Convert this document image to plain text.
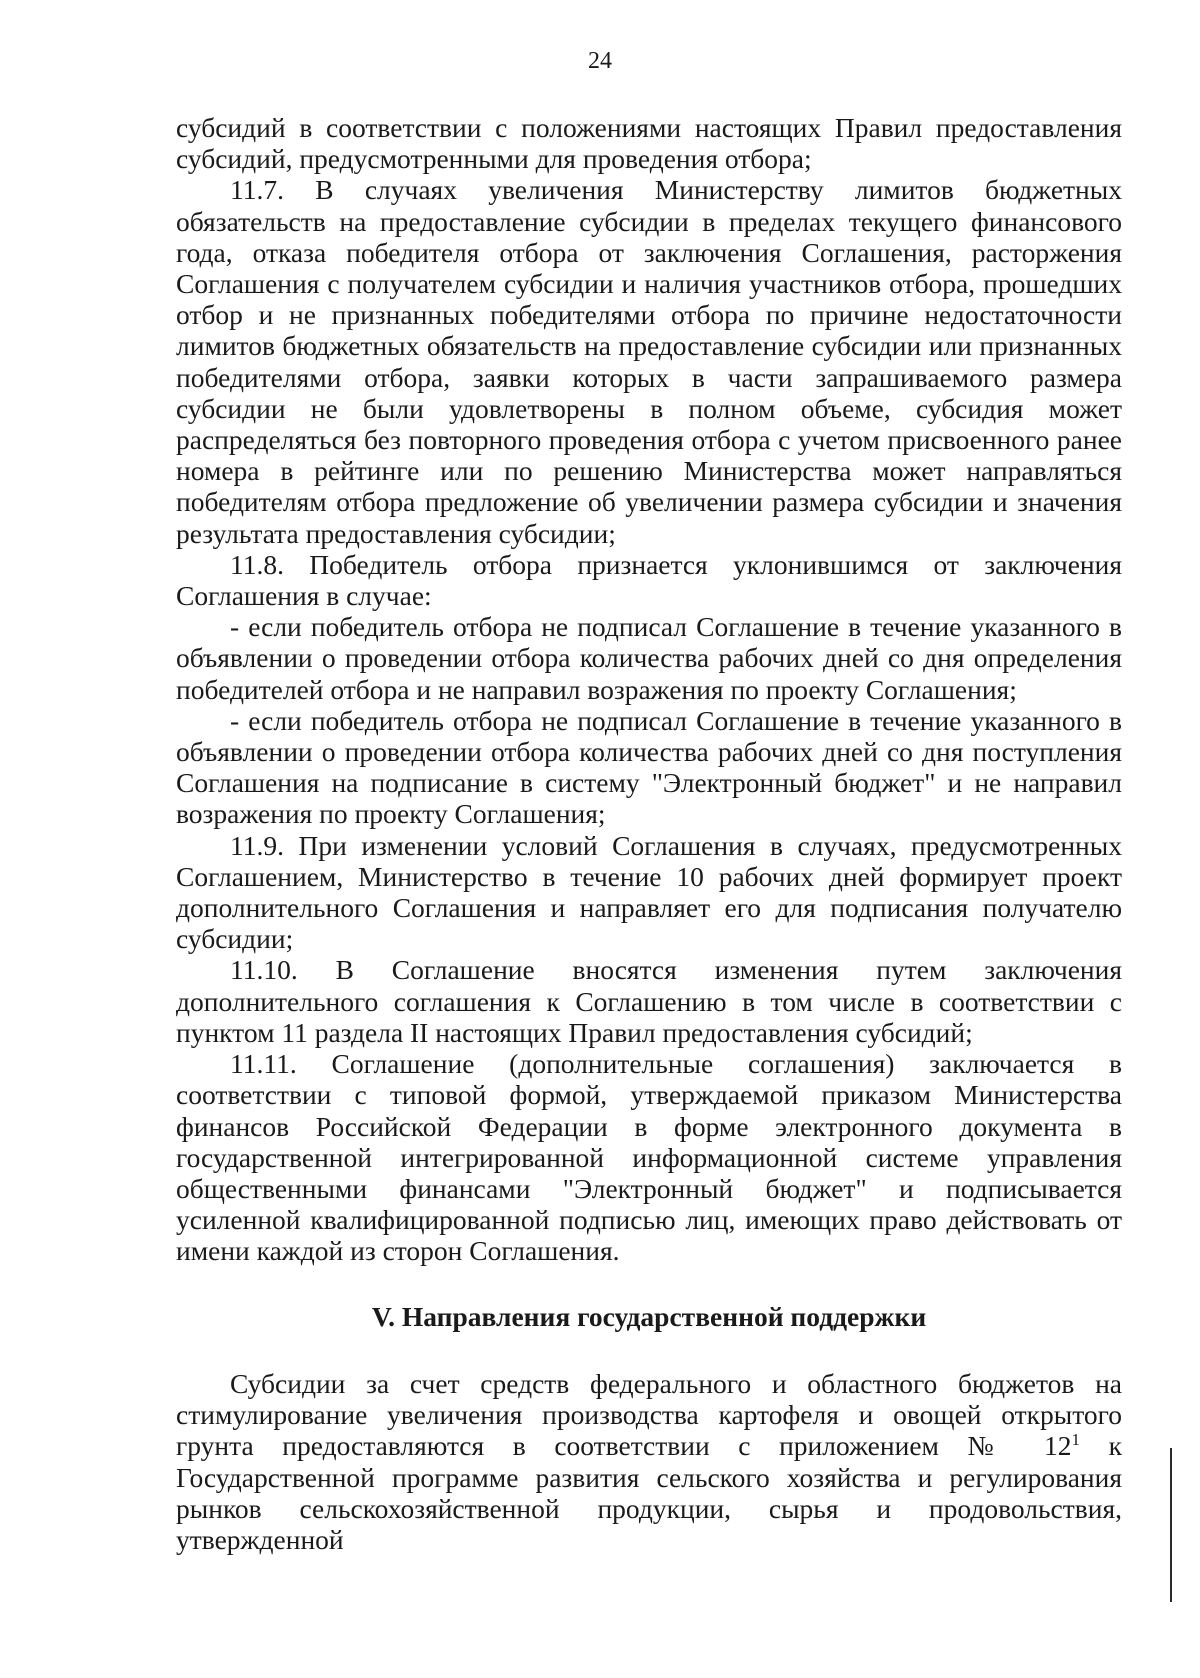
24

субсидий в соответствии с положениями настоящих Правил предоставления субсидий, предусмотренными для проведения отбора;

11.7. В случаях увеличения Министерству лимитов бюджетных обязательств на предоставление субсидии в пределах текущего финансового года, отказа победителя отбора от заключения Соглашения, расторжения Соглашения с получателем субсидии и наличия участников отбора, прошедших отбор и не признанных победителями отбора по причине недостаточности лимитов бюджетных обязательств на предоставление субсидии или признанных победителями отбора, заявки которых в части запрашиваемого размера субсидии не были удовлетворены в полном объеме, субсидия может распределяться без повторного проведения отбора с учетом присвоенного ранее номера в рейтинге или по решению Министерства может направляться победителям отбора предложение об увеличении размера субсидии и значения результата предоставления субсидии;

11.8. Победитель отбора признается уклонившимся от заключения Соглашения в случае:

- если победитель отбора не подписал Соглашение в течение указанного в объявлении о проведении отбора количества рабочих дней со дня определения победителей отбора и не направил возражения по проекту Соглашения;

- если победитель отбора не подписал Соглашение в течение указанного в объявлении о проведении отбора количества рабочих дней со дня поступления Соглашения на подписание в систему "Электронный бюджет" и не направил возражения по проекту Соглашения;

11.9. При изменении условий Соглашения в случаях, предусмотренных Соглашением, Министерство в течение 10 рабочих дней формирует проект дополнительного Соглашения и направляет его для подписания получателю субсидии;

11.10. В Соглашение вносятся изменения путем заключения дополнительного соглашения к Соглашению в том числе в соответствии с пунктом 11 раздела II настоящих Правил предоставления субсидий;

11.11. Соглашение (дополнительные соглашения) заключается в соответствии с типовой формой, утверждаемой приказом Министерства финансов Российской Федерации в форме электронного документа в государственной интегрированной информационной системе управления общественными финансами "Электронный бюджет" и подписывается усиленной квалифицированной подписью лиц, имеющих право действовать от имени каждой из сторон Соглашения.

V. Направления государственной поддержки

Субсидии за счет средств федерального и областного бюджетов на стимулирование увеличения производства картофеля и овощей открытого грунта предоставляются в соответствии с приложением № $12^1$ к Государственной программе развития сельского хозяйства и регулирования рынков сельскохозяйственной продукции, сырья и продовольствия, утвержденной
